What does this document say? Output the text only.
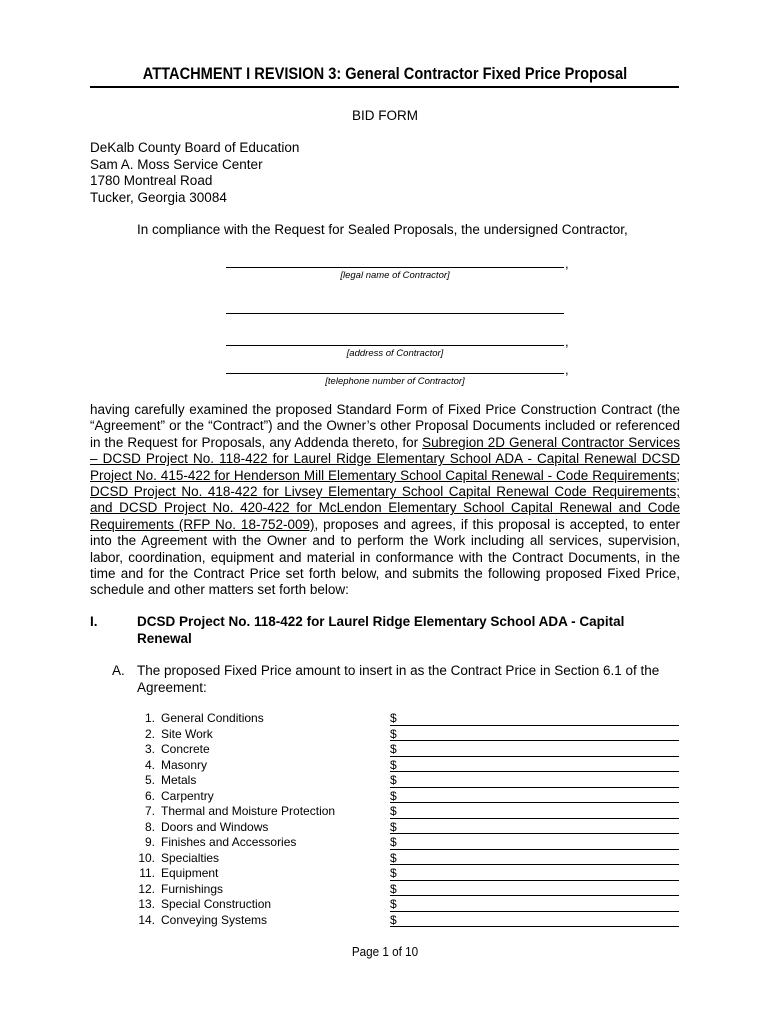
ATTACHMENT I REVISION 3: General Contractor Fixed Price Proposal
BID FORM
DeKalb County Board of Education
Sam A. Moss Service Center
1780 Montreal Road
Tucker, Georgia 30084
In compliance with the Request for Sealed Proposals, the undersigned Contractor,
,
[legal name of Contractor]
,
[address of Contractor]
,
[telephone number of Contractor]
having carefully examined the proposed Standard Form of Fixed Price Construction Contract (the “Agreement” or the “Contract”) and the Owner’s other Proposal Documents included or referenced in the Request for Proposals, any Addenda thereto, for Subregion 2D General Contractor Services – DCSD Project No. 118-422 for Laurel Ridge Elementary School ADA - Capital Renewal DCSD Project No. 415-422 for Henderson Mill Elementary School Capital Renewal - Code Requirements; DCSD Project No. 418-422 for Livsey Elementary School Capital Renewal Code Requirements; and DCSD Project No. 420-422 for McLendon Elementary School Capital Renewal and Code Requirements (RFP No. 18-752-009), proposes and agrees, if this proposal is accepted, to enter into the Agreement with the Owner and to perform the Work including all services, supervision, labor, coordination, equipment and material in conformance with the Contract Documents, in the time and for the Contract Price set forth below, and submits the following proposed Fixed Price, schedule and other matters set forth below:
I.	DCSD Project No. 118-422 for Laurel Ridge Elementary School ADA - Capital Renewal
A. The proposed Fixed Price amount to insert in as the Contract Price in Section 6.1 of the Agreement:
1. General Conditions	$
2. Site Work	$
3. Concrete	$
4. Masonry	$
5. Metals	$
6. Carpentry	$
7. Thermal and Moisture Protection	$
8. Doors and Windows	$
9. Finishes and Accessories	$
10. Specialties	$
11. Equipment	$
12. Furnishings	$
13. Special Construction	$
14. Conveying Systems	$
Page 1 of 10
